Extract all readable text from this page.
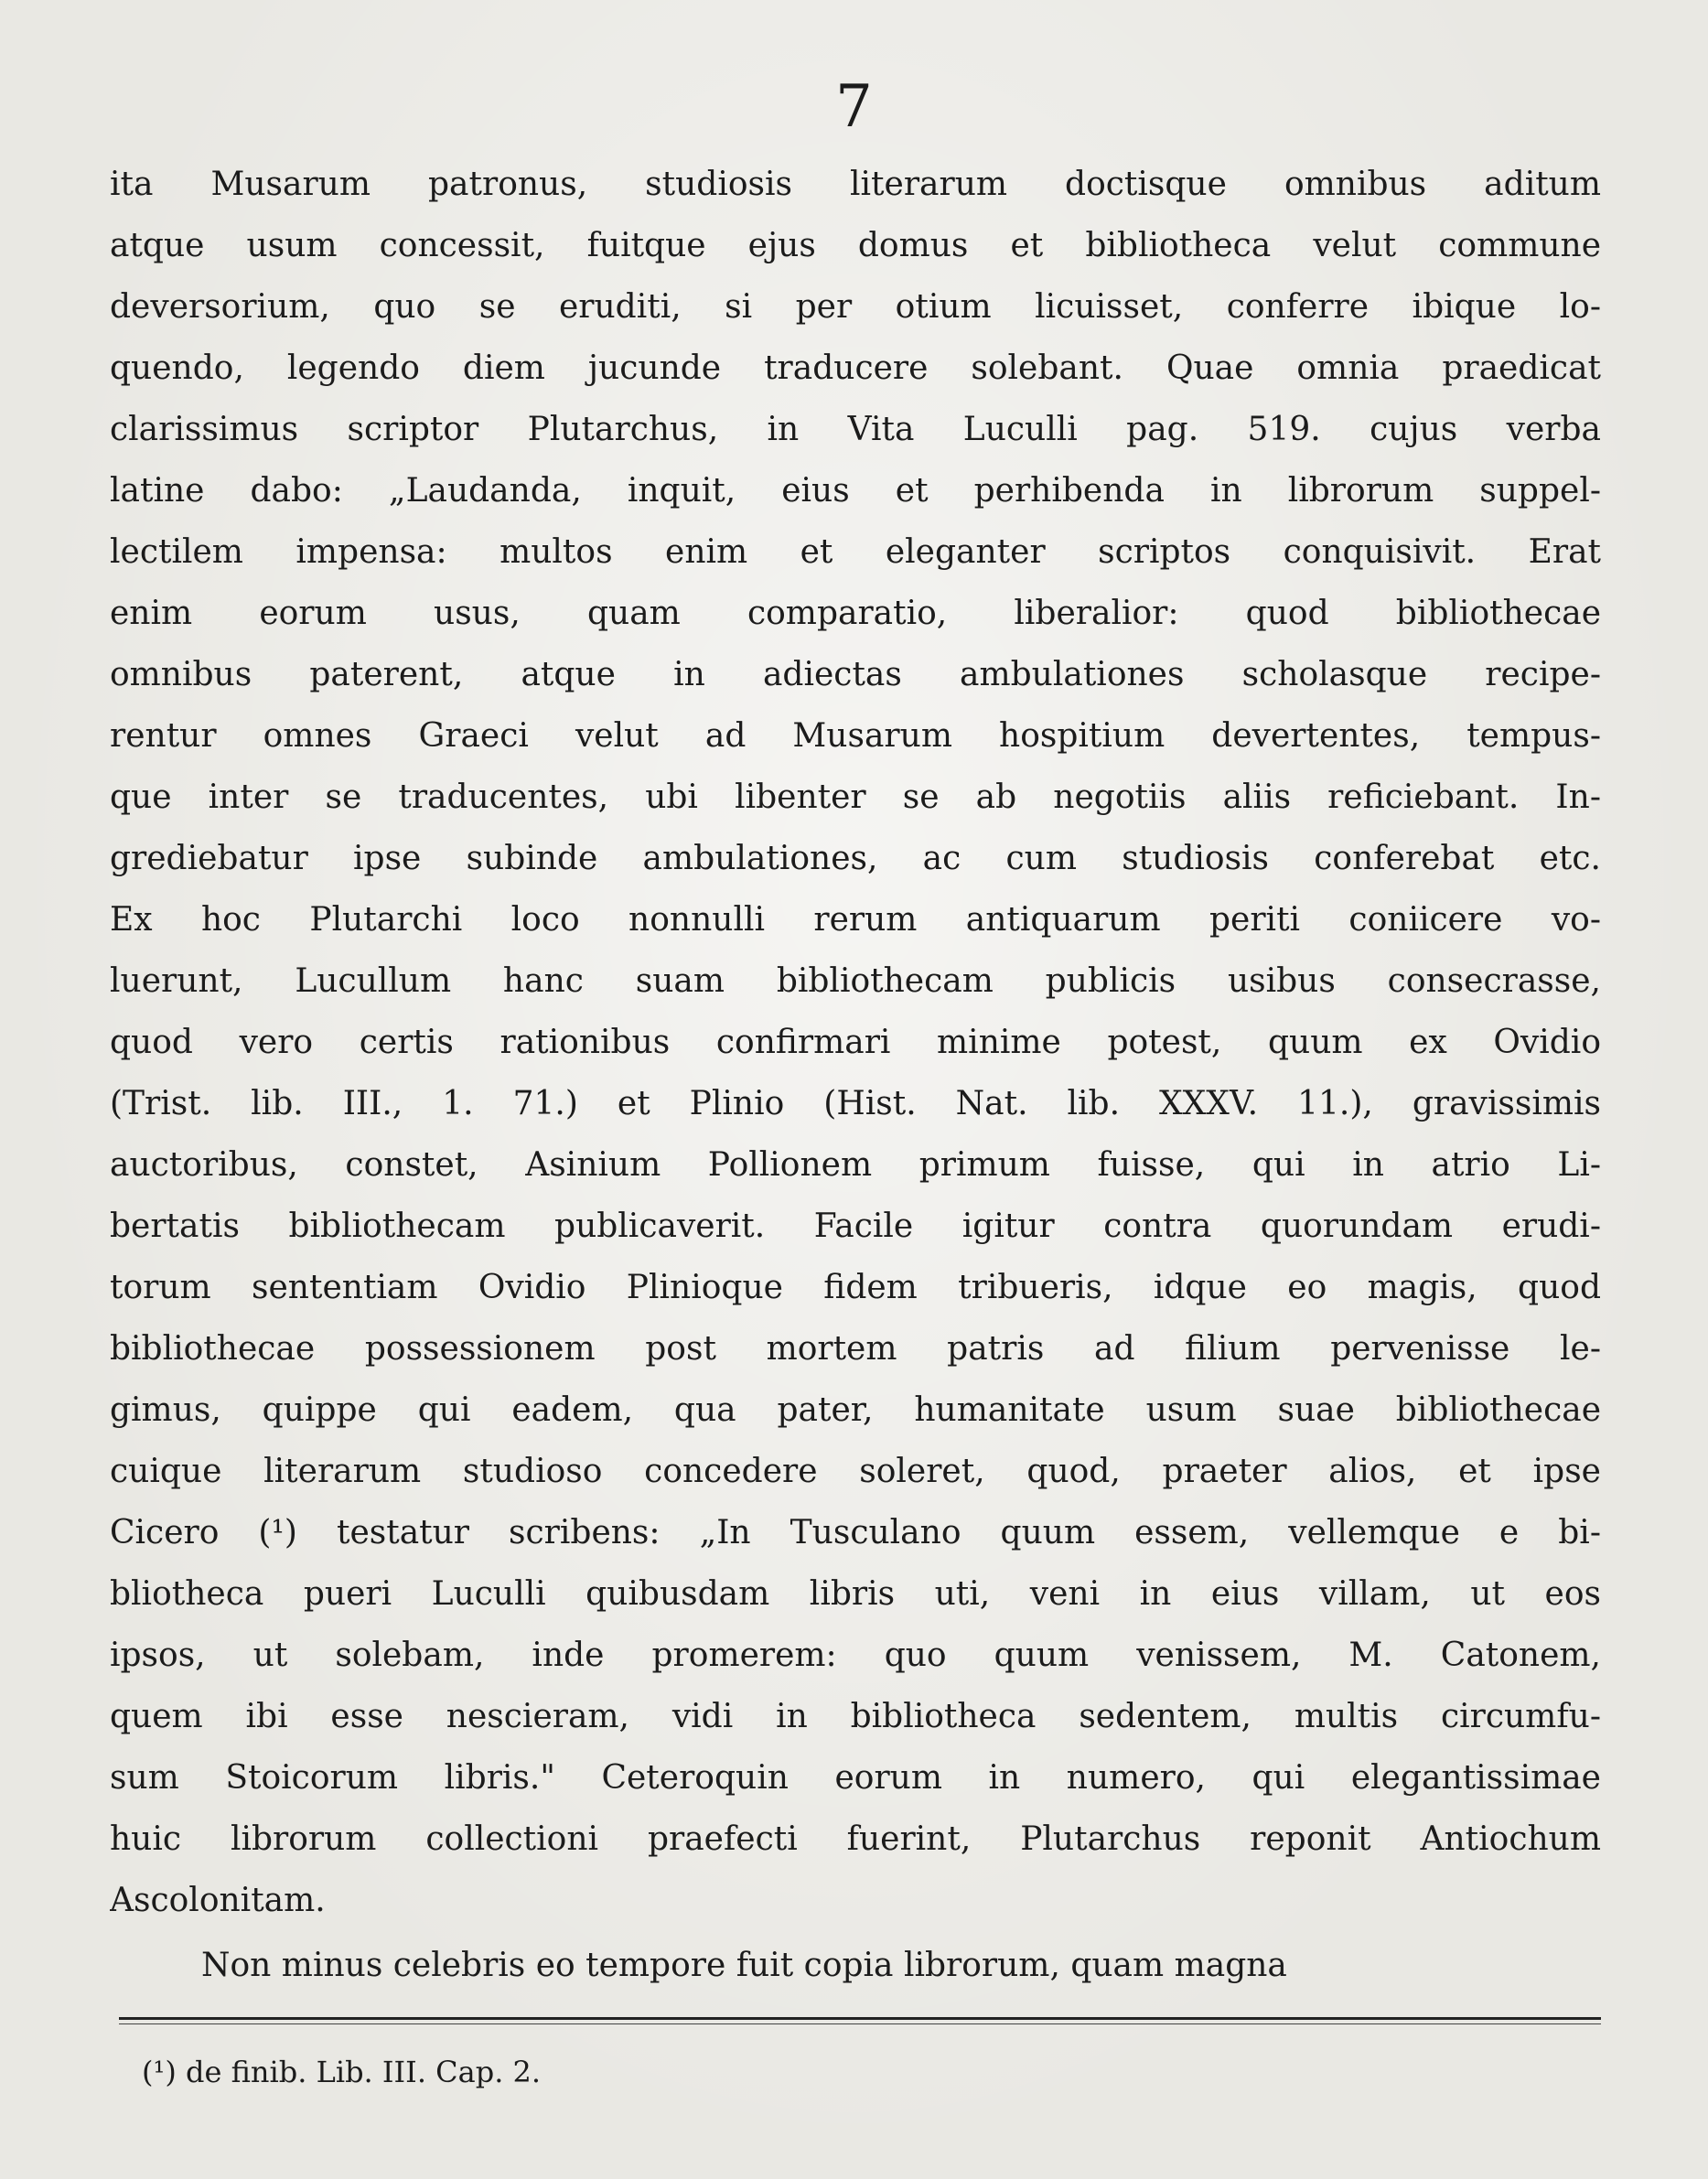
7
ita Musarum patronus, studiosis literarum doctisque omnibus aditum
atque usum concessit, fuitque ejus domus et bibliotheca velut commune
deversorium, quo se eruditi, si per otium licuisset, conferre ibique lo-
quendo, legendo diem jucunde traducere solebant. Quae omnia praedicat
clarissimus scriptor Plutarchus, in Vita Luculli pag. 519. cujus verba
latine dabo: „Laudanda, inquit, eius et perhibenda in librorum suppel-
lectilem impensa: multos enim et eleganter scriptos conquisivit. Erat
enim eorum usus, quam comparatio, liberalior: quod bibliothecae
omnibus paterent, atque in adiectas ambulationes scholasque recipe-
rentur omnes Graeci velut ad Musarum hospitium devertentes, tempus-
que inter se traducentes, ubi libenter se ab negotiis aliis reficiebant. In-
grediebatur ipse subinde ambulationes, ac cum studiosis conferebat etc.
Ex hoc Plutarchi loco nonnulli rerum antiquarum periti coniicere vo-
luerunt, Lucullum hanc suam bibliothecam publicis usibus consecrasse,
quod vero certis rationibus confirmari minime potest, quum ex Ovidio
(Trist. lib. III., 1. 71.) et Plinio (Hist. Nat. lib. XXXV. 11.), gravissimis
auctoribus, constet, Asinium Pollionem primum fuisse, qui in atrio Li-
bertatis bibliothecam publicaverit. Facile igitur contra quorundam erudi-
torum sententiam Ovidio Plinioque fidem tribueris, idque eo magis, quod
bibliothecae possessionem post mortem patris ad filium pervenisse le-
gimus, quippe qui eadem, qua pater, humanitate usum suae bibliothecae
cuique literarum studioso concedere soleret, quod, praeter alios, et ipse
Cicero (¹) testatur scribens: „In Tusculano quum essem, vellemque e bi-
bliotheca pueri Luculli quibusdam libris uti, veni in eius villam, ut eos
ipsos, ut solebam, inde promerem: quo quum venissem, M. Catonem,
quem ibi esse nescieram, vidi in bibliotheca sedentem, multis circumfu-
sum Stoicorum libris." Ceteroquin eorum in numero, qui elegantissimae
huic librorum collectioni praefecti fuerint, Plutarchus reponit Antiochum
Ascolonitam.
Non minus celebris eo tempore fuit copia librorum, quam magna
(¹) de finib. Lib. III. Cap. 2.
